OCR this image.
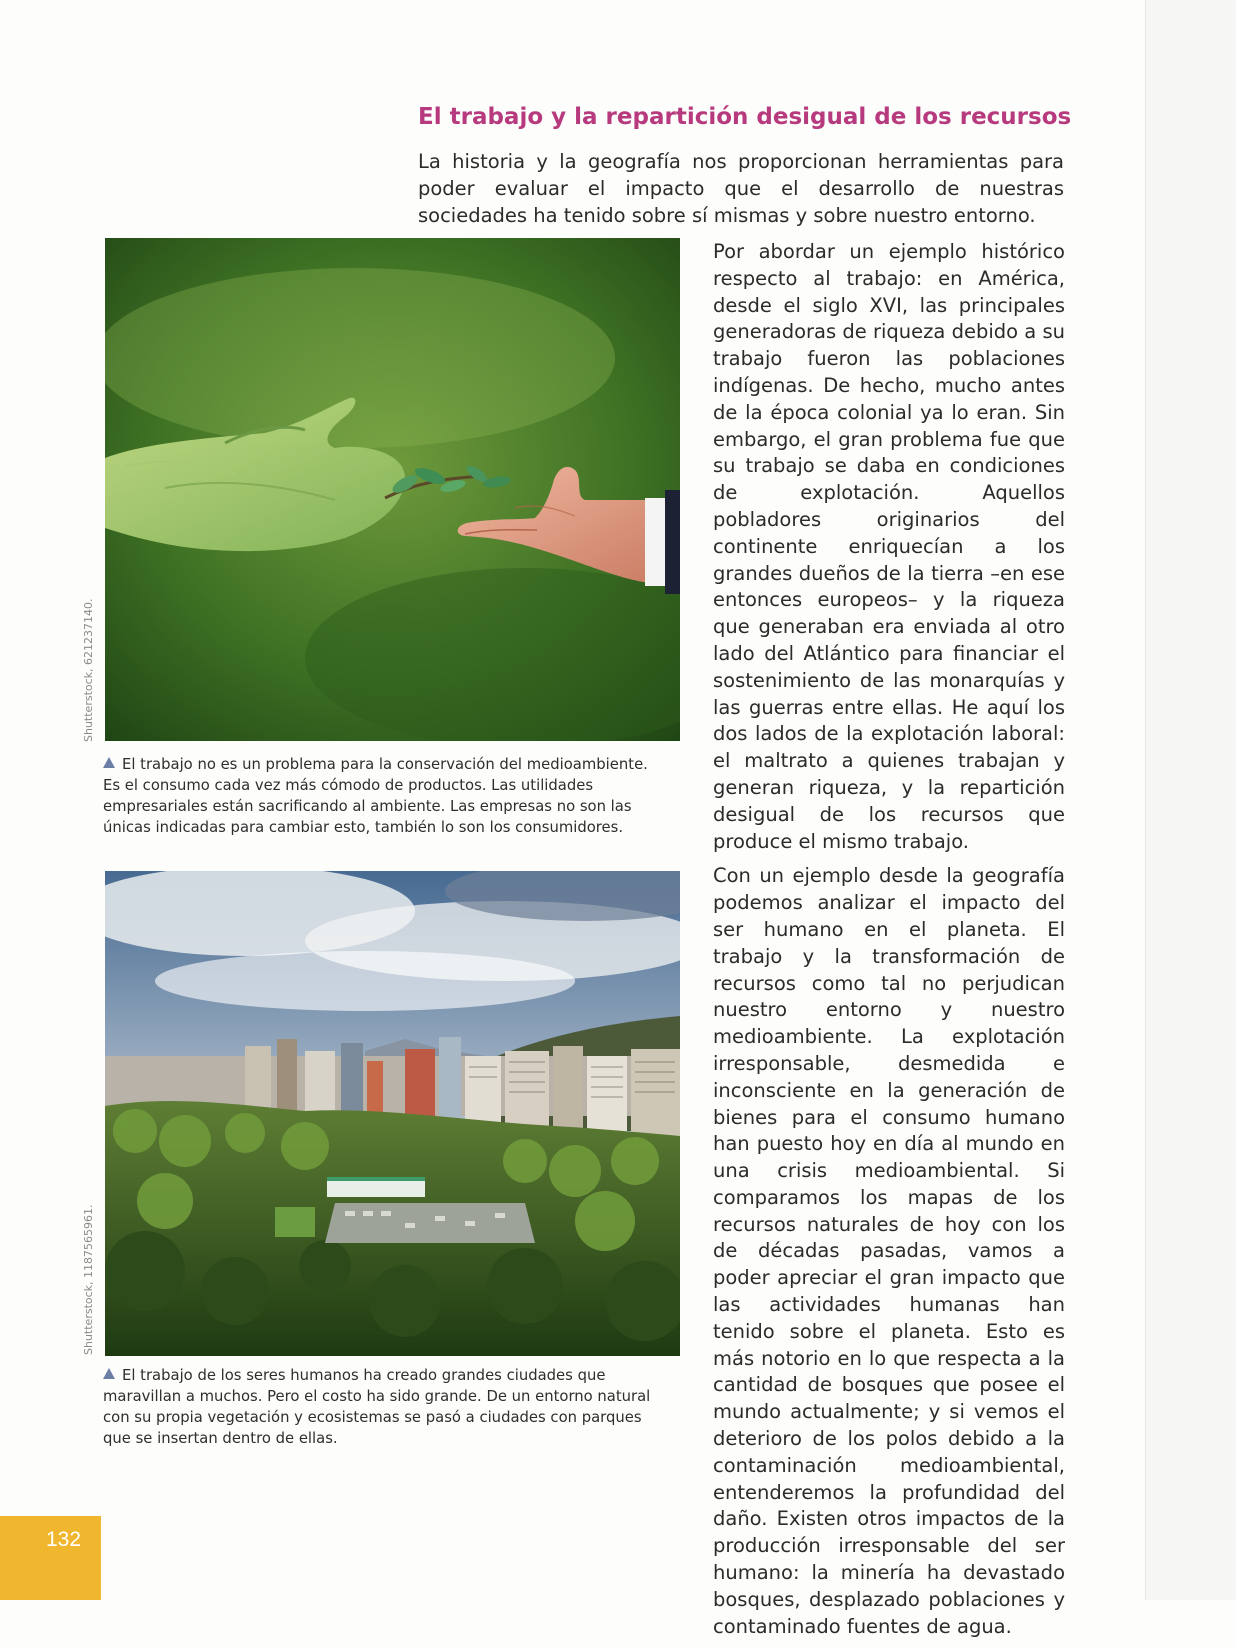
El trabajo y la repartición desigual de los recursos
La historia y la geografía nos proporcionan herramientas para poder evaluar el impacto que el desarrollo de nuestras sociedades ha tenido sobre sí mismas y sobre nuestro entorno.
Shutterstock, 621237140.
El trabajo no es un problema para la conservación del medioambiente. Es el consumo cada vez más cómodo de productos. Las utilidades empresariales están sacrificando al ambiente. Las empresas no son las únicas indicadas para cambiar esto, también lo son los consumidores.
Shutterstock, 1187565961.
El trabajo de los seres humanos ha creado grandes ciudades que maravillan a muchos. Pero el costo ha sido grande. De un entorno natural con su propia vegetación y ecosistemas se pasó a ciudades con parques que se insertan dentro de ellas.

Por abordar un ejemplo histórico respecto al trabajo: en América, desde el siglo XVI, las principales generadoras de riqueza debido a su trabajo fueron las poblaciones indígenas. De hecho, mucho antes de la época colonial ya lo eran. Sin embargo, el gran problema fue que su trabajo se daba en condiciones de explotación. Aquellos pobladores originarios del continente enriquecían a los grandes dueños de la tierra –en ese entonces europeos– y la riqueza que generaban era enviada al otro lado del Atlántico para financiar el sostenimiento de las monarquías y las guerras entre ellas. He aquí los dos lados de la explotación laboral: el maltrato a quienes trabajan y generan riqueza, y la repartición desigual de los recursos que produce el mismo trabajo.

Con un ejemplo desde la geografía podemos analizar el impacto del ser humano en el planeta. El trabajo y la transformación de recursos como tal no perjudican nuestro entorno y nuestro medioambiente. La explotación irresponsable, desmedida e inconsciente en la generación de bienes para el consumo humano han puesto hoy en día al mundo en una crisis medioambiental. Si comparamos los mapas de los recursos naturales de hoy con los de décadas pasadas, vamos a poder apreciar el gran impacto que las actividades humanas han tenido sobre el planeta. Esto es más notorio en lo que respecta a la cantidad de bosques que posee el mundo actualmente; y si vemos el deterioro de los polos debido a la contaminación medioambiental, entenderemos la profundidad del daño. Existen otros impactos de la producción irresponsable del ser humano: la minería ha devastado bosques, desplazado poblaciones y contaminado fuentes de agua.

132
